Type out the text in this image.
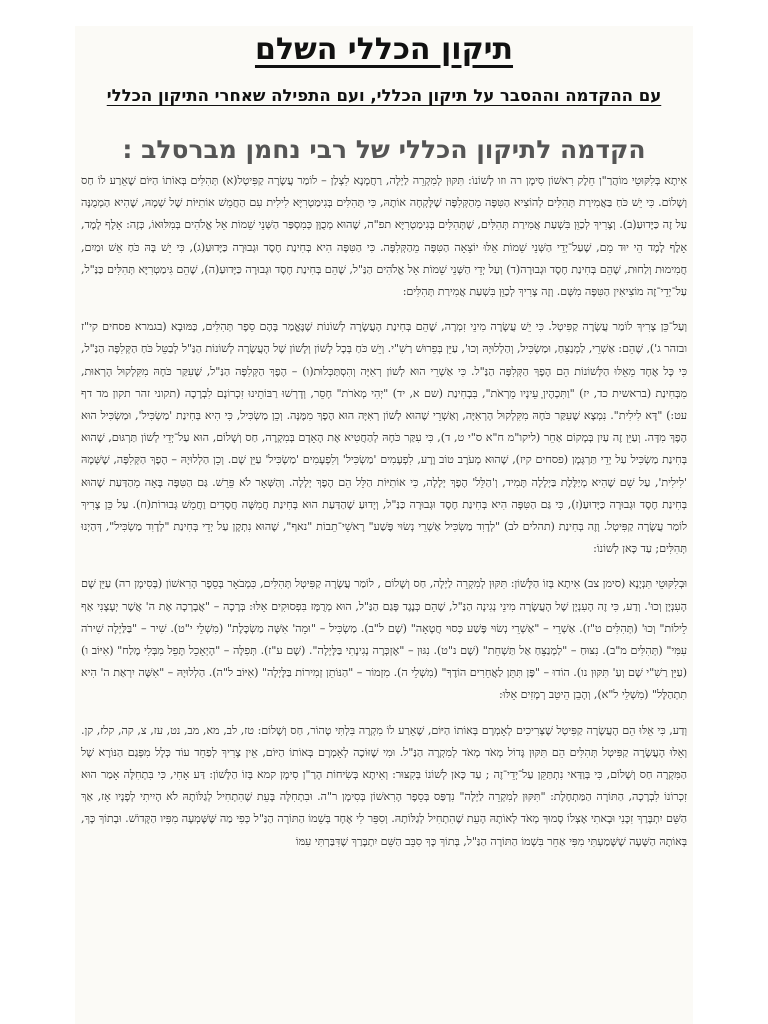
תיקון הכללי השלם
עם ההקדמה וההסבר על תיקון הכללי, ועם התפילה שאחרי התיקון הכללי
הקדמה לתיקון הכללי של רבי נחמן מברסלב :

אִיתָא בְּלִקּוּטֵי מוֹהֲרַ"ן חֵלֶק רִאשׁוֹן סִימָן רה וזו לְשׁוֹנוֹ: תִּקּוּן לְמִקְרֵה לַיְלָה, רַחֲמָנָא לִצְלַן – לוֹמַר עֲשָׂרָה קַפִּיטְל(א) תְּהִלִּים בְּאוֹתוֹ הַיּוֹם שֶׁאֵרַע לוֹ חַס וְשָׁלוֹם. כִּי יֵשׁ כֹּחַ בַּאֲמִירַת תְּהִלִּים לְהוֹצִיא הַטִּפָּה מֵהַקְּלִפָּה שֶׁלָּקְחָה אוֹתָהּ, כִּי תְּהִלִּים בְּגִימַטְרִיָּא לִילִית עִם הַחֲמֵשׁ אוֹתִיּוֹת שֶׁל שְׁמָהּ, שֶׁהִיא הַמְמֻנָּה עַל זֶה כַּיָּדוּעַ(ב). וְצָרִיךְ לְכַוֵּן בִּשְׁעַת אֲמִירַת תְּהִלִּים, שֶׁתְּהִלִּים בְּגִימַטְרִיָּא תפ"ה, שֶׁהוּא מְכֻוָּן כְּמִסְפַּר הַשְּׁנֵי שֵׁמוֹת אֵל אֱלֹהִים בְּמִלּוּאוֹ, כְּזֶה: אָלֶף לָמֶד, אָלֶף לָמֶד הֵי יוּד מֵם, שֶׁעַל־יְדֵי הַשְּׁנֵי שֵׁמוֹת אֵלּוּ יוֹצֵאָה הַטִּפָּה מֵהַקְּלִפָּה. כִּי הַטִּפָּה הִיא בְּחִינַת חֶסֶד וּגְבוּרָה כַּיָּדוּעַ(ג), כִּי יֵשׁ בָּהּ כֹּחַ אֵשׁ וּמַיִם, חֲמִימוּת וְלַחוּת, שֶׁהֵם בְּחִינַת חֶסֶד וּגְבוּרָה(ד) וְעַל יְדֵי הַשְּׁנֵי שֵׁמוֹת אֵל אֱלֹהִים הַנַּ"ל, שֶׁהֵם בְּחִינַת חֶסֶד וּגְבוּרָה כַּיָּדוּעַ(ה), שֶׁהֵם גִּימַטְרִיָּא תְּהִלִּים כַּנַּ"ל, עַל־יְדֵי־זֶה מוֹצִיאִין הַטִּפָּה מִשָּׁם. וְזֶה צָרִיךְ לְכַוֵּן בִּשְׁעַת אֲמִירַת תְּהִלִּים:

וְעַל־כֵּן צָרִיךְ לוֹמַר עֲשָׂרָה קַפִּיטְל. כִּי יֵשׁ עֲשָׂרָה מִינֵי זִמְרָה, שֶׁהֵם בְּחִינַת הָעֲשָׂרָה לְשׁוֹנוֹת שֶׁנֶּאֱמַר בָּהֶם סֵפֶר תְּהִלִּים, כַּמּוּבָא (בגמרא פסחים קי"ז ובזהר ג'), שֶׁהֵם: אַשְׁרֵי, לַמְנַצֵּחַ, וּמַשְׂכִּיל, וְהַלְלוּיָהּ וְכוּ', עַיֵּן בְּפֵרוּשׁ רַשִׁ"י. וְיֵשׁ כֹּחַ בְּכָל לָשׁוֹן וְלָשׁוֹן שֶׁל הָעֲשָׂרָה לְשׁוֹנוֹת הַנַּ"ל לְבַטֵּל כֹּחַ הַקְּלִפָּה הַנַּ"ל, כִּי כָּל אֶחָד מֵאֵלּוּ הַלְּשׁוֹנוֹת הֵם הֶפֶךְ הַקְּלִפָּה הַנַּ"ל. כִּי אַשְׁרֵי הוּא לְשׁוֹן רְאִיָּה וְהִסְתַּכְּלוּת(ו) – הֶפֶךְ הַקְּלִפָּה הַנַּ"ל, שֶׁעִקַּר כֹּחָהּ מִקִּלְקוּל הָרְאוּת, מִבְּחִינַת (בראשית כד, יז) "וַתִּכְהֶיןָ עֵינָיו מֵרְאֹת", בִּבְחִינַת (שם א, יד) "יְהִי מְאֹרֹת" חָסֵר, וְדָרְשׁוּ רַבּוֹתֵינוּ זִכְרוֹנָם לִבְרָכָה (תקוני זהר תקון מד דף עט:) "דָּא לִילִית". נִמְצָא שֶׁעִקַּר כֹּחָהּ מִקִּלְקוּל הָרְאִיָּה, וְאַשְׁרֵי שֶׁהוּא לְשׁוֹן רְאִיָּה הוּא הֶפֶךְ מִמֶּנָּה. וְכֵן מַשְׂכִּיל, כִּי הִיא בְּחִינַת 'מַשְׂכִּיל', וּמַשְׂכִּיל הוּא הֶפֶךְ מִדָּה. וְעַיֵּן זֶה עַיִן בְּמָקוֹם אַחֵר (ליקו"מ ח"א ס"י ט, ד), כִּי עִקַּר כֹּחָהּ לְהַחֲטִיא אֶת הָאָדָם בְּמִקְרֶה, חַס וְשָׁלוֹם, הוּא עַל־יְדֵי לְשׁוֹן תַּרְגּוּם, שֶׁהוּא בְּחִינַת מַשְׂכִּיל עַל יְדֵי תַּרְגְּמָן (פסחים קיז), שֶׁהוּא מְעֹרָב טוֹב וָרָע, לִפְעָמִים 'מַשְׂכִּיל' וְלִפְעָמִים 'מַשְׂכִּיל' עַיֵּן שָׁם. וְכֵן הַלְלוּיָהּ – הֶפֶךְ הַקְּלִפָּה, שֶׁשְּׁמָהּ 'לִילִית', עַל שֵׁם שֶׁהִיא מְיַלֶּלֶת בַּיְלָלָה תָּמִיד, וְ'הַלֵּל' הֶפֶךְ יְלָלָה, כִּי אוֹתִיּוֹת הַלֵּל הֵם הֶפֶךְ יְלָלָה. וְהַשְּׁאָר לֹא פֵּרֵשׁ. גַּם הַטִּפָּה בָּאָה מֵהַדַּעַת שֶׁהוּא בְּחִינַת חֶסֶד וּגְבוּרָה כַּיָּדוּעַ(ז), כִּי גַּם הַטִּפָּה הִיא בְּחִינַת חֶסֶד וּגְבוּרָה כַּנַּ"ל, וְיָדוּעַ שֶׁהַדַּעַת הוּא בְּחִינַת חֲמִשָּׁה חֲסָדִים וַחֲמֵשׁ גְּבוּרוֹת(ח). עַל כֵּן צָרִיךְ לוֹמַר עֲשָׂרָה קַפִּיטְל. וְזֶה בְּחִינַת (תהלים לב) "לְדָוִד מַשְׂכִּיל אַשְׁרֵי נְשׂוּי פֶּשַׁע" רָאשֵׁי־תֵבוֹת "נאף", שֶׁהוּא נִתְקָן עַל יְדֵי בְּחִינַת "לְדָוִד מַשְׂכִּיל", דְּהַיְנוּ תְּהִלִּים; עַד כָּאן לְשׁוֹנוֹ:

וּבְלִקּוּטֵי תִּנְיָנָא (סימן צב) אִיתָא בְּזוֹ הַלָּשׁוֹן: תִּקּוּן לְמִקְרֵה לַיְלָה, חַס וְשָׁלוֹם , לוֹמַר עֲשָׂרָה קַפִּיטְל תְּהִלִּים, כִּמְבֹאָר בְּסֵפֶר הָרִאשׁוֹן (בְּסִימָן רה) עַיֵּן שָׁם הָעִנְיָן וְכוּ'. וְדַע, כִּי זֶה הָעִנְיָן שֶׁל הָעֲשָׂרָה מִינֵי נְגִינָה הַנַּ"ל, שֶׁהֵם כְּנֶגֶד פָּגַם הַנַּ"ל, הוּא מְרֻמָּז בִּפְסוּקִים אֵלּוּ: בְּרָכָה – "אֲבָרְכָה אֶת ה' אֲשֶׁר יְעָצָנִי אַף לֵילוֹת" וְכוּ' (תְּהִלִּים ט"ז). אַשְׁרֵי – "אַשְׁרֵי נְשׂוּי פֶּשַׁע כְּסוּי חֲטָאָה" (שָׁם ל"ב). מַשְׂכִּיל – "וּמֵה' אִשָּׁה מַשְׂכָּלֶת" (מִשְׁלֵי י"ט). שִׁיר – "בַּלַּיְלָה שִׁירֹה עִמִּי" (תְּהִלִּים מ"ב). נִצּוּחַ – "לַמְנַצֵּחַ אַל תַּשְׁחֵת" (שָׁם נ"ט). נִגּוּן – "אֶזְכְּרָה נְגִינָתִי בַּלָּיְלָה". (שָׁם ע"ז). תְּפִלָּה – "הָיְאָכֵל תָּפֵל מִבְּלִי מֶלַח" (אִיּוֹב ו) (עַיֵּן רַשִׁ"י שָׁם וְעַ' תִּקּוּן נו). הוֹדוּ – "פֶּן תִּתֵּן לַאֲחֵרִים הוֹדֶךָ" (מִשְׁלֵי ה). מִזְמוֹר – "הַנּוֹתֵן זְמִירוֹת בַּלָּיְלָה" (אִיּוֹב ל"ה). הַלְלוּיָהּ – "אִשָּׁה יִרְאַת ה' הִיא תִתְהַלָּל" (מִשְׁלֵי ל"א), וְהָבֵן הֵיטֵב רְמָזִים אֵלּוּ:

וְדַע, כִּי אֵלּוּ הֵם הָעֲשָׂרָה קַפִּיטְל שֶׁצְּרִיכִים לְאָמְרָם בְּאוֹתוֹ הַיּוֹם, שֶׁאֵרַע לוֹ מִקְרֶה בִּלְתִּי טָהוֹר, חַס וְשָׁלוֹם: טז, לב, מא, מב, נט, עז, צ, קה, קלז, קן. וְאֵלּוּ הָעֲשָׂרָה קַפִּיטְל תְּהִלִּים הֵם תִּקּוּן גָּדוֹל מְאֹד מְאֹד לְמִקְרֶה הַנַּ"ל. וּמִי שֶׁזּוֹכֶה לְאָמְרָם בְּאוֹתוֹ הַיּוֹם, אֵין צָרִיךְ לְפַחֵד עוֹד כְּלָל מִפְּגַם הַנּוֹרָא שֶׁל הַמִּקְרֶה חַס וְשָׁלוֹם, כִּי בְּוַדַּאי נִתְתַּקֵּן עַל־יְדֵי־זֶה ; עַד כָּאן לְשׁוֹנוֹ בְּקִצּוּר: וְאִיתָא בְּשִׂיחוֹת הָרַ"ן סִימָן קמא בְּזוֹ הַלָּשׁוֹן: דַּע אָחִי, כִּי בִּתְחִלָּה אָמַר הוּא זִכְרוֹנוֹ לִבְרָכָה, הַתּוֹרָה הַמַּתְחֶלֶת: "תִּקּוּן לְמִקְרֵה לַיְלָה" נִדְפַּס בְּסֵפֶר הָרִאשׁוֹן בְּסִימָן ר"ה. וּבִתְחִלָּה בָּעֵת שֶׁהִתְחִיל לְגַלּוֹתָהּ לֹא הָיִיתִי לְפָנָיו אָז, אַךְ הַשֵּׁם יִתְבָּרַךְ זִכָּנִי וּבָאתִי אֶצְלוֹ סָמוּךְ מְאֹד לְאוֹתָהּ הָעֵת שֶׁהִתְחִיל לְגַלּוֹתָהּ. וְסִפֵּר לִי אֶחָד בְּשֵׁמוֹ הַתּוֹרָה הַנַּ"ל כְּפִי מַה שֶּׁשָּׁמְעָה מִפִּיו הַקָּדוֹשׁ. וּבְתוֹךְ כָּךְ, בְּאוֹתָהּ הַשָּׁעָה שֶׁשָּׁמַעְתִּי מִפִּי אַחֵר בִּשְׁמוֹ הַתּוֹרָה הַנַּ"ל, בְּתוֹךְ כָּךְ סִבֵּב הַשֵּׁם יִתְבָּרַךְ שֶׁדִּבַּרְתִּי עִמּוֹ
